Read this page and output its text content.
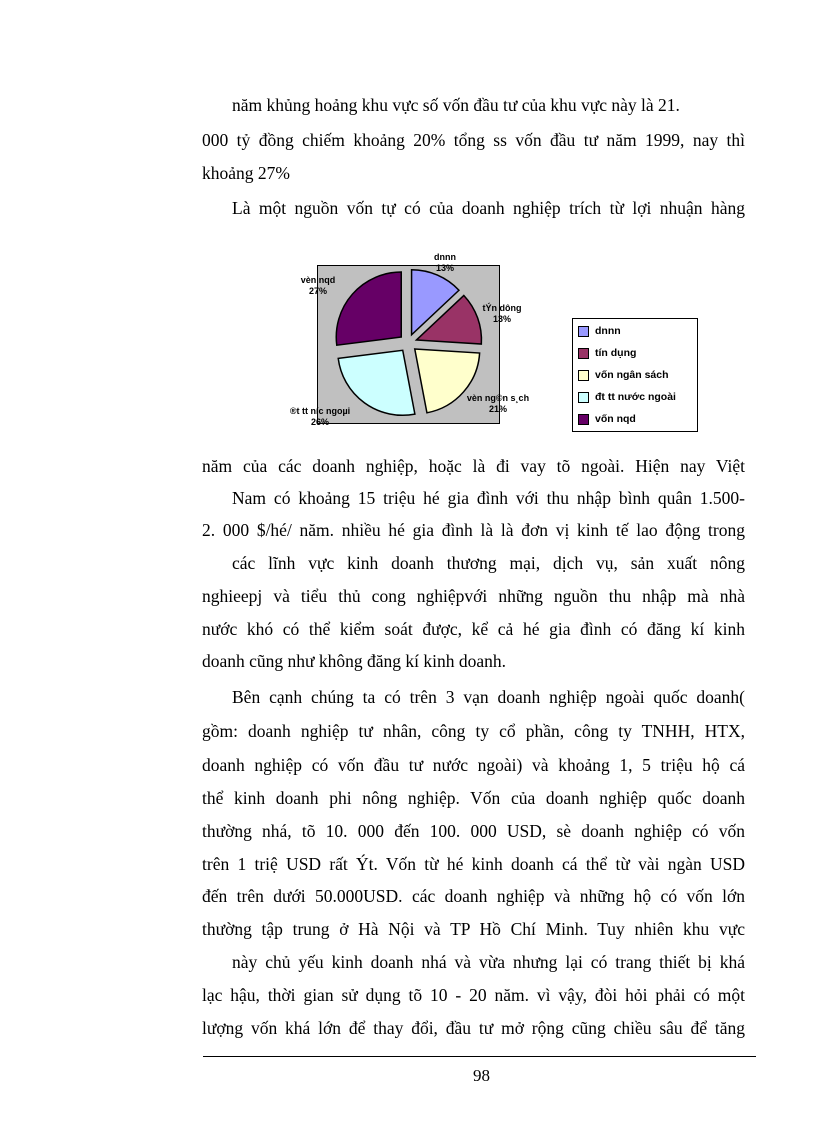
năm khủng hoảng khu vực số vốn đầu tư của khu vực này là 21.
000 tỷ đồng chiếm khoảng 20% tổng ss vốn đầu tư năm 1999, nay thì
khoảng 27%
Là một nguồn vốn tự có của doanh nghiệp trích từ lợi nhuận hàng
dnnn
13%
tÝn dông
13%
vèn ng©n s¸ch
21%
®t tt níc ngoµi
26%
vèn nqd
27%
dnnn
tín dụng
vốn ngân sách
đt tt nước ngoài
vốn nqd
năm của các doanh nghiệp, hoặc là đi vay tõ ngoài. Hiện nay Việt
Nam có khoảng 15 triệu hé gia đình với thu nhập bình quân 1.500-
2. 000 $/hé/ năm. nhiều hé gia đình là là đơn vị kinh tế lao động trong
các lĩnh vực kinh doanh thương mại, dịch vụ, sản xuất nông
nghieepj và tiểu thủ cong nghiệpvới những nguồn thu nhập mà nhà
nước khó có thể kiểm soát được, kể cả hé gia đình có đăng kí kinh
doanh cũng như không đăng kí kinh doanh.
Bên cạnh chúng ta có trên 3 vạn doanh nghiệp ngoài quốc doanh(
gồm: doanh nghiệp tư nhân, công ty cổ phần, công ty TNHH, HTX,
doanh nghiệp có vốn đầu tư nước ngoài) và khoảng 1, 5 triệu hộ cá
thể kinh doanh phi nông nghiệp. Vốn của doanh nghiệp quốc doanh
thường nhá, tõ 10. 000 đến 100. 000 USD, sè doanh nghiệp có vốn
trên 1 triệ USD rất Ýt. Vốn từ hé kinh doanh cá thể từ vài ngàn USD
đến trên dưới 50.000USD. các doanh nghiệp và những hộ có vốn lớn
thường tập trung ở Hà Nội và TP Hồ Chí Minh. Tuy nhiên khu vực
này chủ yếu kinh doanh nhá và vừa nhưng lại có trang thiết bị khá
lạc hậu, thời gian sử dụng tõ 10 - 20 năm. vì vậy, đòi hỏi phải có một
lượng vốn khá lớn để thay đổi, đầu tư mở rộng cũng chiều sâu để tăng
98
